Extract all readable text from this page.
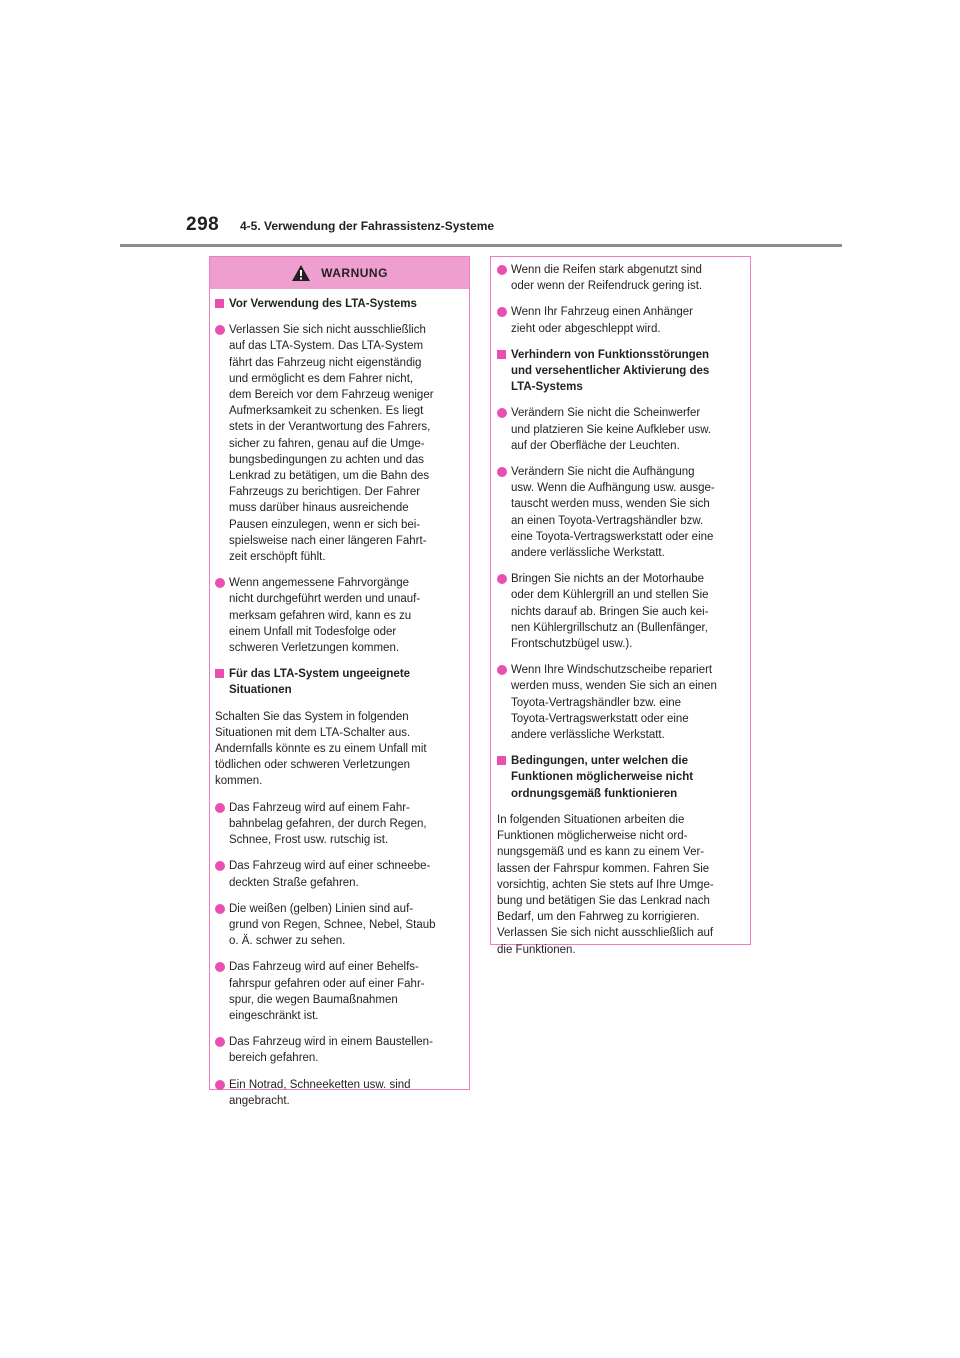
298 4-5. Verwendung der Fahrassistenz-Systeme
WARNUNG
Vor Verwendung des LTA-Systems
Verlassen Sie sich nicht ausschließlich
auf das LTA-System. Das LTA-System
fährt das Fahrzeug nicht eigenständig
und ermöglicht es dem Fahrer nicht,
dem Bereich vor dem Fahrzeug weniger
Aufmerksamkeit zu schenken. Es liegt
stets in der Verantwortung des Fahrers,
sicher zu fahren, genau auf die Umge-
bungsbedingungen zu achten und das
Lenkrad zu betätigen, um die Bahn des
Fahrzeugs zu berichtigen. Der Fahrer
muss darüber hinaus ausreichende
Pausen einzulegen, wenn er sich bei-
spielsweise nach einer längeren Fahrt-
zeit erschöpft fühlt.
Wenn angemessene Fahrvorgänge
nicht durchgeführt werden und unauf-
merksam gefahren wird, kann es zu
einem Unfall mit Todesfolge oder
schweren Verletzungen kommen.
Für das LTA-System ungeeignete
Situationen
Schalten Sie das System in folgenden
Situationen mit dem LTA-Schalter aus.
Andernfalls könnte es zu einem Unfall mit
tödlichen oder schweren Verletzungen
kommen.
Das Fahrzeug wird auf einem Fahr-
bahnbelag gefahren, der durch Regen,
Schnee, Frost usw. rutschig ist.
Das Fahrzeug wird auf einer schneebe-
deckten Straße gefahren.
Die weißen (gelben) Linien sind auf-
grund von Regen, Schnee, Nebel, Staub
o. Ä. schwer zu sehen.
Das Fahrzeug wird auf einer Behelfs-
fahrspur gefahren oder auf einer Fahr-
spur, die wegen Baumaßnahmen
eingeschränkt ist.
Das Fahrzeug wird in einem Baustellen-
bereich gefahren.
Ein Notrad, Schneeketten usw. sind
angebracht.
Wenn die Reifen stark abgenutzt sind
oder wenn der Reifendruck gering ist.
Wenn Ihr Fahrzeug einen Anhänger
zieht oder abgeschleppt wird.
Verhindern von Funktionsstörungen
und versehentlicher Aktivierung des
LTA-Systems
Verändern Sie nicht die Scheinwerfer
und platzieren Sie keine Aufkleber usw.
auf der Oberfläche der Leuchten.
Verändern Sie nicht die Aufhängung
usw. Wenn die Aufhängung usw. ausge-
tauscht werden muss, wenden Sie sich
an einen Toyota-Vertragshändler bzw.
eine Toyota-Vertragswerkstatt oder eine
andere verlässliche Werkstatt.
Bringen Sie nichts an der Motorhaube
oder dem Kühlergrill an und stellen Sie
nichts darauf ab. Bringen Sie auch kei-
nen Kühlergrillschutz an (Bullenfänger,
Frontschutzbügel usw.).
Wenn Ihre Windschutzscheibe repariert
werden muss, wenden Sie sich an einen
Toyota-Vertragshändler bzw. eine
Toyota-Vertragswerkstatt oder eine
andere verlässliche Werkstatt.
Bedingungen, unter welchen die
Funktionen möglicherweise nicht
ordnungsgemäß funktionieren
In folgenden Situationen arbeiten die
Funktionen möglicherweise nicht ord-
nungsgemäß und es kann zu einem Ver-
lassen der Fahrspur kommen. Fahren Sie
vorsichtig, achten Sie stets auf Ihre Umge-
bung und betätigen Sie das Lenkrad nach
Bedarf, um den Fahrweg zu korrigieren.
Verlassen Sie sich nicht ausschließlich auf
die Funktionen.
